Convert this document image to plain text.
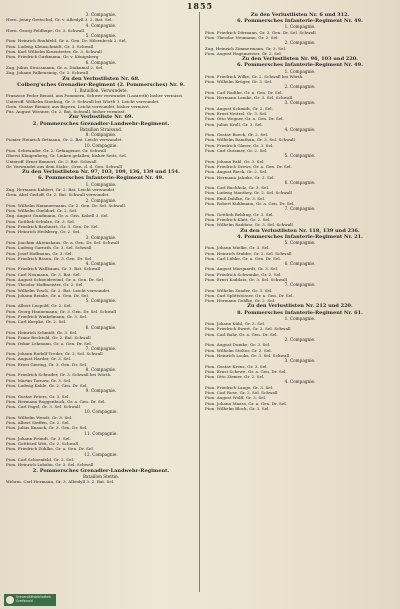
1855
3. Compagnie.
Hern. Jenny Gretschel, Gr. v. Albedyll 3. 2. Bat. Sel.
4. Compagnie.
Hern. Georg Feldhupe, Gr. 3. Schwall
5. Compagnie.
Pion. Heinrich Rauhfeld, Gr. a. Gen. Dr. Hilsenbeck 2. Sel.
Pion. Ludwig Kleinschmidt, Gr. 3. Schwall
Pion. Karl Wilhelm Kosentreter, Gr. 3. Schwall
Pion. Friedrich Gurkmann, Gr. v. Königsberg
6. Compagnie.
Zug. Julius Strassmann, Gr. a. Diaknmal 2. Sel.
Zug. Johann Falkeneinig, Gr. 3. Schwall
Zu den Verlustlisten Nr. 68.
Colberg'sches Grenadier-Regiment (2. Pommersches) Nr. 9.
1. Bataillon. Verwundete.
Franzose Fedor Benoit, aus Pommern, Schwer verwundet (Lazareth) bisher vermisst.
Unteroff. Wilhelm Stoebsig, Gr. 3. Schwall bei Wörth 3. Leicht verwundet.
Gren. Gustav Riemer, aus Bayern, Leicht verwundet, bisher vermisst.
Füs. August Wiesner, Gr. 2. Bat. Schwall, bisher vermisst.
Zur Verlustliste Nr. 69.
2. Pommersches Grenadier-Landwehr-Regiment.
Bataillon Stralsund.
8. Compagnie.
Pionier Heinrich Ortmann, Gr. 2. Bat. Leicht verwundet.
10. Compagnie.
Pion. Schwander, Gr. 2. Gefangener, Gr. Schwall
Oberst Klingenberg, Gr. Linken gefallen; bisher Seitz, Sel.
Unteroff. Ernst Bannert, Gr. 2. Bat. Schwall
Gr. Verwundet aus dem Stabs-, Gren. d. d. Gen. Schwall
Zu den Verlustlisten Nr. 97, 103, 109, 136, 139 und 154.
6. Pommersches Infanterie-Regiment Nr. 49.
1. Compagnie.
Zug. Hermann Kahlert, Gr. 2. Bat. Leicht verwundet
Gren. Abel Gerloff, Gr. 2. Bat. Schwall verwundet.
2. Compagnie.
Pion. Wilhelm Hammermann, Gr. 2. Gen. Dr. Sel. Schwall.
Pion. Wilhelm Gueldorf, Gr. 2. Sel.
Zug. August Gundmann, Gr. a. Gen. Kabell 3. Sel.
Pion. Gottlieb Schulze, Gr. 3. Sel.
Pion. Friedrich Beehnert, Gr. 3. Gen. Dr. Sel.
Pion. Heinrich Heilsberg, Gr. 2. Sel.
3. Compagnie.
Pion. Joachim Ahrenshaus, Gr. a. Gen. Dr. Sel. Schwall
Pion. Ludwig Garrath, Gr. 3. Sel. Schwall
Pion. Josef Hoffmann, Gr. 3. Sel.
Pion. Friedrich Braun, Gr. 3. Gen. Dr. Sel.
4. Compagnie.
Pion. Friedrich Wallbaum, Gr. 3. Bat. Schwall
Pion. Carl Neumann, Gr. 3. Bat. Sel.
Pion. August Schneidewind, Gr. a. Gen. Dr. Sel.
Pion. Theodor Hoffmeister, Gr. 2. Sel.
Pion. Wilhelm Tesch, Gr. 2. Bat. Leicht verwundet.
Pion. Johann Reinke, Gr. a. Gen. Dr. Sel.
5. Compagnie.
Pion. Albert Leopold, Gr. 2. Sel.
Pion. Georg Hannemann, Gr. 3. Gen. Dr. Sel. Schwall
Pion. Friedrich Winkelmann, Gr. 3. Sel.
Pion. Carl Koepke, Gr. 2. Sel.
6. Compagnie.
Pion. Heinrich Schmidt, Gr. 3. Sel.
Pion. Franz Bechtold, Gr. 2. Bat. Schwall
Pion. Oskar Lehmann, Gr. a. Gen. Dr. Sel.
7. Compagnie.
Pion. Johann Rudolf Treder, Gr. 2. Sel. Schwall
Pion. August Harder, Gr. 3. Sel.
Pion. Ernst Giering, Gr. 3. Gen. Dr. Sel.
8. Compagnie.
Pion. Friedrich Schrader, Gr. 3. Schwall bei Wörth.
Pion. Martin Tornow, Gr. 3. Sel.
Pion. Ludwig Kahle, Gr. 2. Gen. Dr. Sel.
9. Compagnie.
Pion. Gustav Peters, Gr. 3. Sel.
Pion. Hermann Roggenbuck, Gr. a. Gen. Dr. Sel.
Pion. Carl Pagel, Gr. 3. Sel. Schwall
10. Compagnie.
Pion. Wilhelm Wendt, Gr. 3. Sel.
Pion. Albert Steffen, Gr. 2. Sel.
Pion. Julius Knaack, Gr. 3. Gen. Dr. Sel.
11. Compagnie.
Pion. Johann Fründt, Gr. 3. Sel.
Pion. Gottfried Witt, Gr. 2. Schwall
Pion. Friedrich Zühlke, Gr. a. Gen. Dr. Sel.
12. Compagnie.
Pion. Carl Schoenfeld, Gr. 2. Sel.
Pion. Heinrich Labahn, Gr. 3. Sel. Schwall
2. Pommersches Grenadier-Landwehr-Regiment.
Bataillon Stettin.
Wehrm. Carl Hermann, Gr. 3. Albedyll 3. 2. Bat. Sel.
Zu den Verlustlisten Nr. 6 und 312.
6. Pommersches Infanterie-Regiment Nr. 49.
1. Compagnie.
Pion. Friedrich Dörmann, Gr. 3. Gen. Dr. Sel. Schwall
Pion. Theodor Neumann, Gr. 2. Sel.
2. Compagnie.
Zug. Heinrich Zimmermann, Gr. 3. Sel.
Pion. August Hagemeister, Gr. 2. Sel.
Zu den Verlustlisten Nr. 96, 103 und 220.
6. Pommersches Infanterie-Regiment Nr. 49.
1. Compagnie.
Pion. Friedrich Wilke, Gr. 2. Schwall bei Wörth.
Pion. Wilhelm Krüger, Gr. 3. Sel.
2. Compagnie.
Pion. Carl Radtke, Gr. a. Gen. Dr. Sel.
Pion. Hermann Lemke, Gr. 3. Sel. Schwall
3. Compagnie.
Pion. August Schmidt, Gr. 2. Sel.
Pion. Ernst Neitzel, Gr. 3. Sel.
Pion. Otto Wegner, Gr. a. Gen. Dr. Sel.
Pion. Julius Kroll, Gr. 3. Sel.
4. Compagnie.
Pion. Gustav Boeck, Gr. 2. Sel.
Pion. Wilhelm Ramthun, Gr. 3. Sel. Schwall
Pion. Friedrich Glaser, Gr. 3. Sel.
Pion. Carl Gutzmer, Gr. 2. Sel.
5. Compagnie.
Pion. Johann Pahl, Gr. 3. Sel.
Pion. Friedrich Drews, Gr. a. Gen. Dr. Sel.
Pion. August Rieck, Gr. 2. Sel.
Pion. Hermann Jahnke, Gr. 3. Sel.
6. Compagnie.
Pion. Carl Buchholz, Gr. 3. Sel.
Pion. Ludwig Manthey, Gr. 2. Sel. Schwall
Pion. Emil Dahlke, Gr. 3. Sel.
Pion. Robert Kuhlmann, Gr. a. Gen. Dr. Sel.
7. Compagnie.
Pion. Gottlieb Behling, Gr. 3. Sel.
Pion. Friedrich Klatt, Gr. 2. Sel.
Pion. Wilhelm Raddatz, Gr. 3. Sel. Schwall
Zu den Verlustlisten Nr. 118, 139 und 236.
4. Pommersches Infanterie-Regiment Nr. 21.
5. Compagnie.
Pion. Johann Mielke, Gr. 3. Sel.
Pion. Heinrich Stubbe, Gr. 2. Sel. Schwall
Pion. Carl Lübke, Gr. a. Gen. Dr. Sel.
6. Compagnie.
Pion. August Marquardt, Gr. 3. Sel.
Pion. Friedrich Schwanke, Gr. 2. Sel.
Pion. Ernst Kaddatz, Gr. 3. Sel. Schwall
7. Compagnie.
Pion. Wilhelm Zander, Gr. 3. Sel.
Pion. Carl Splittstösser, Gr. a. Gen. Dr. Sel.
Pion. Hermann Gohlke, Gr. 2. Sel.
Zu den Verlustlisten Nr. 212 und 220.
8. Pommersches Infanterie-Regiment Nr. 61.
1. Compagnie.
Pion. Johann Kühl, Gr. 3. Sel.
Pion. Friedrich Ewert, Gr. 2. Sel. Schwall
Pion. Carl Bahr, Gr. a. Gen. Dr. Sel.
2. Compagnie.
Pion. August Dumke, Gr. 3. Sel.
Pion. Wilhelm Stelter, Gr. 2. Sel.
Pion. Heinrich Looks, Gr. 3. Sel. Schwall
3. Compagnie.
Pion. Gustav Krenz, Gr. 3. Sel.
Pion. Ernst Schewe, Gr. a. Gen. Dr. Sel.
Pion. Otto Ziemer, Gr. 2. Sel.
4. Compagnie.
Pion. Friedrich Lange, Gr. 3. Sel.
Pion. Carl Rose, Gr. 2. Sel. Schwall
Pion. August Wolff, Gr. 3. Sel.
Pion. Johann Maass, Gr. a. Gen. Dr. Sel.
Pion. Wilhelm Block, Gr. 3. Sel.
Universitätsbibliothek
Greifswald
